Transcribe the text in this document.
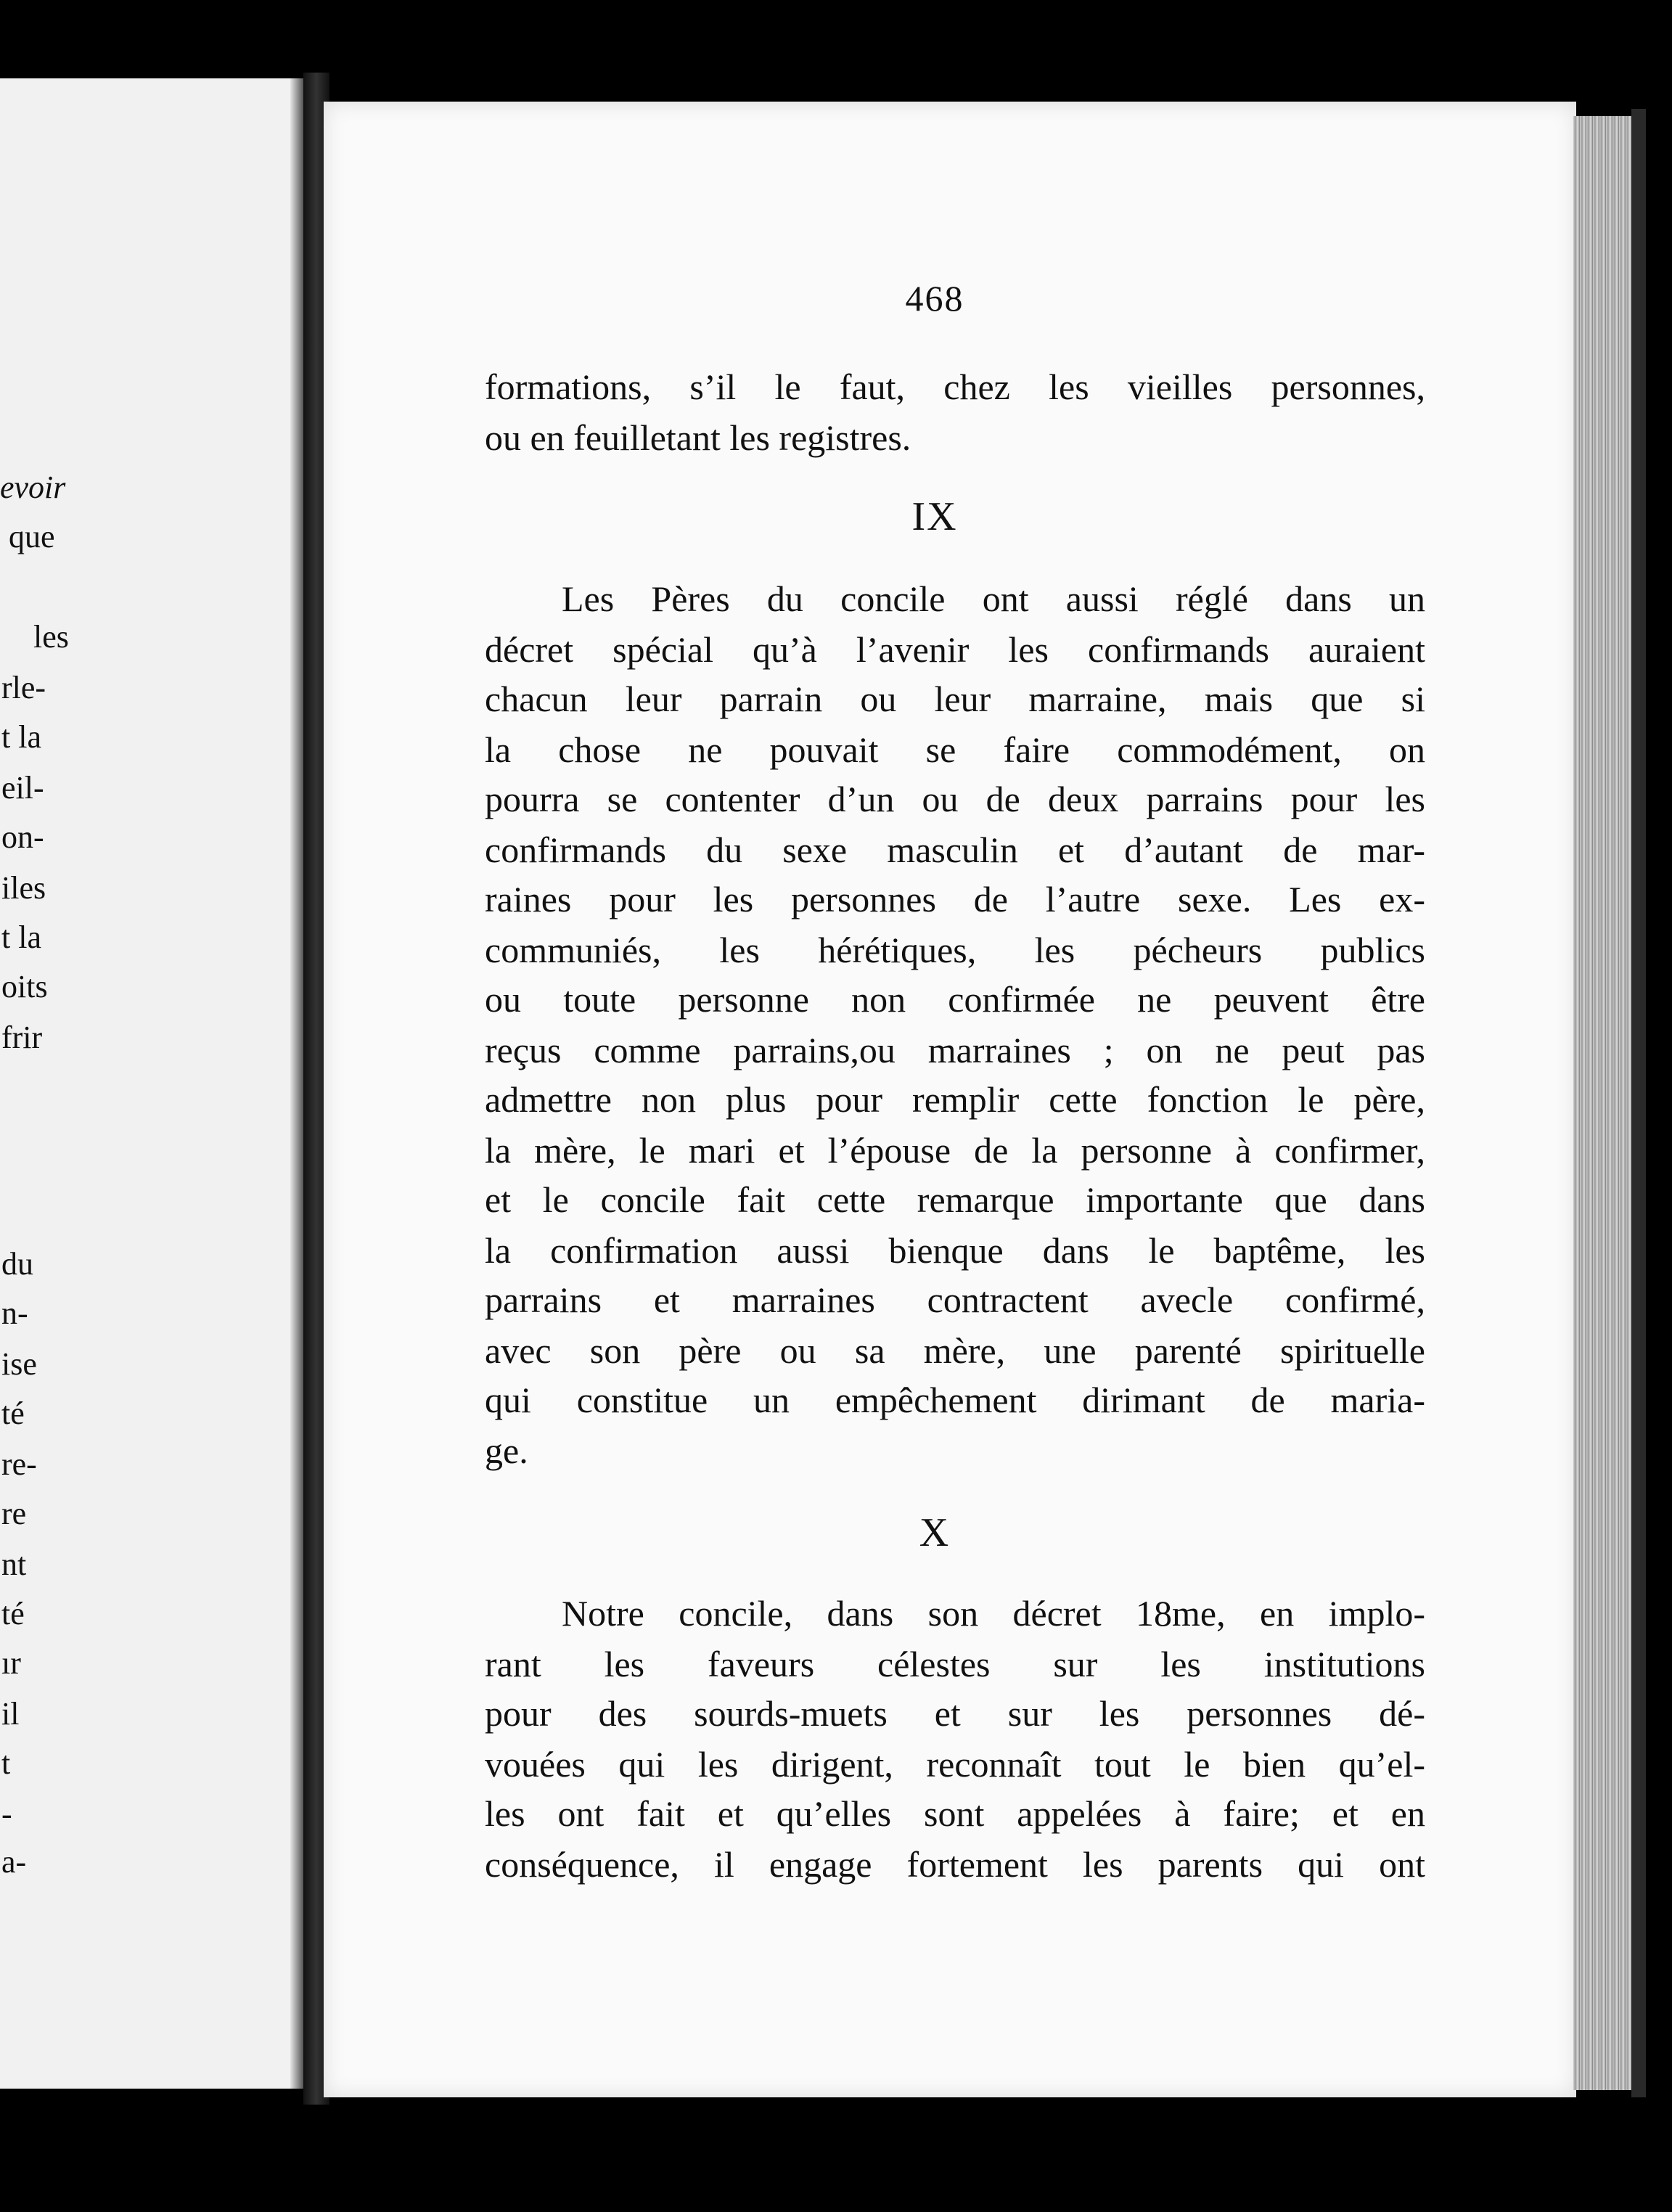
evoir
que
les
rle-
t la
eil-
on-
iles
t la
oits
frir
du
n-
ise
té
re-
re
nt
té
ır
il
t
-
a-
468
formations, s’il le faut, chez les vieilles personnes,
ou en feuilletant les registres.
IX
Les Pères du concile ont aussi réglé dans un
décret spécial qu’à l’avenir les confirmands auraient
chacun leur parrain ou leur marraine, mais que si
la chose ne pouvait se faire commodément, on
pourra se contenter d’un ou de deux parrains pour les
confirmands du sexe masculin et d’autant de mar-
raines pour les personnes de l’autre sexe. Les ex-
communiés, les hérétiques, les pécheurs publics
ou toute personne non confirmée ne peuvent être
reçus comme parrains,ou marraines ; on ne peut pas
admettre non plus pour remplir cette fonction le père,
la mère, le mari et l’épouse de la personne à confirmer,
et le concile fait cette remarque importante que dans
la confirmation aussi bienque dans le baptême, les
parrains et marraines contractent avecle confirmé,
avec son père ou sa mère, une parenté spirituelle
qui constitue un empêchement dirimant de maria-
ge.
X
Notre concile, dans son décret 18me, en implo-
rant les faveurs célestes sur les institutions
pour des sourds-muets et sur les personnes dé-
vouées qui les dirigent, reconnaît tout le bien qu’el-
les ont fait et qu’elles sont appelées à faire; et en
conséquence, il engage fortement les parents qui ont
